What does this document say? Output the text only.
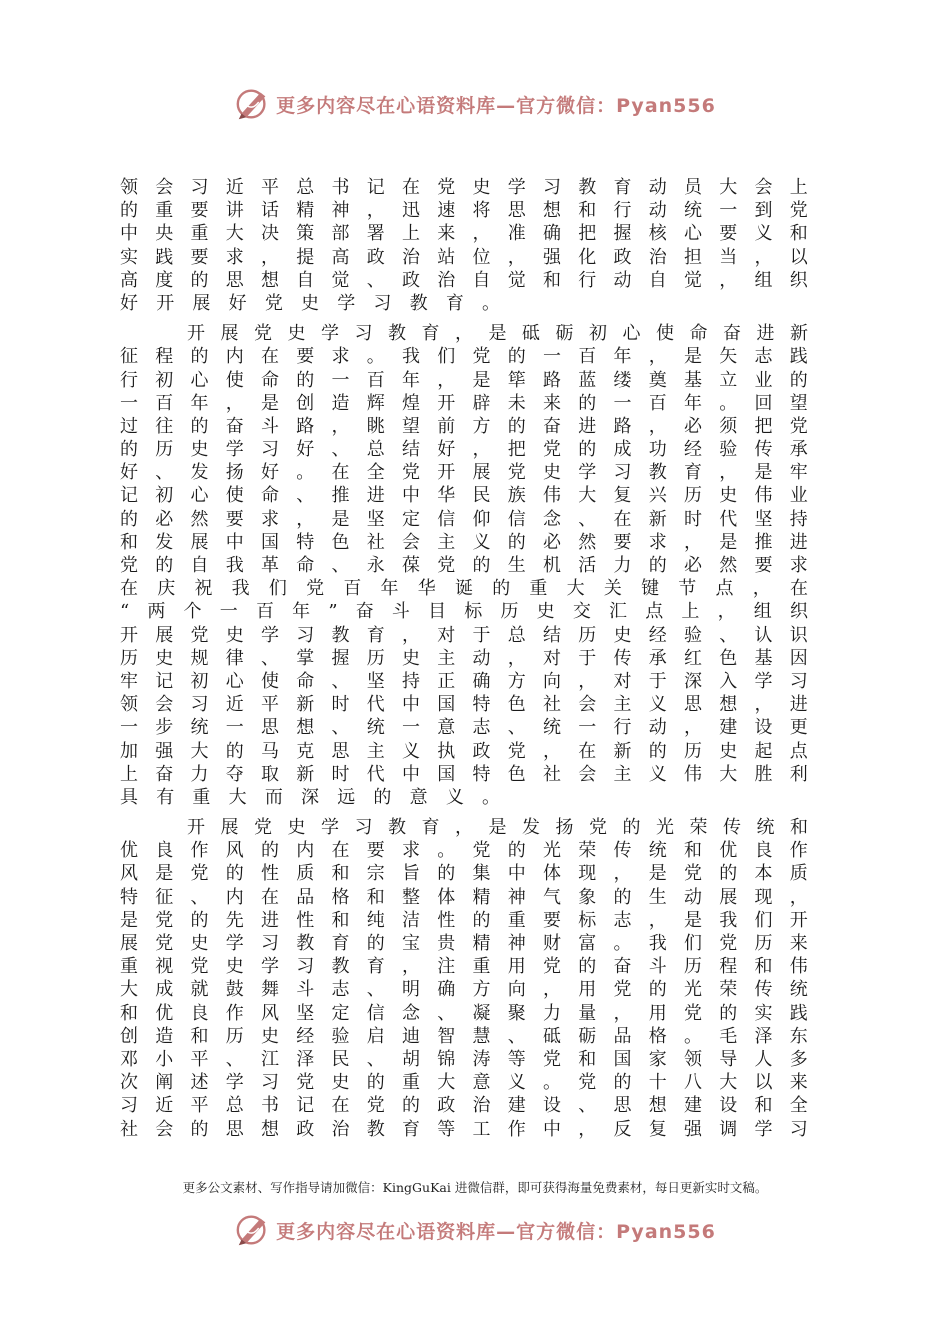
更多内容尽在心语资料库—官方微信：Pyan556
领 会 习 近 平 总 书 记 在 党 史 学 习 教 育 动 员 大 会 上
的 重 要 讲 话 精 神 ， 迅 速 将 思 想 和 行 动 统 一 到 党
中 央 重 大 决 策 部 署 上 来 ， 准 确 把 握 核 心 要 义 和
实 践 要 求 ， 提 高 政 治 站 位 ， 强 化 政 治 担 当 ， 以
高 度 的 思 想 自 觉 、 政 治 自 觉 和 行 动 自 觉 ， 组 织
好 开 展 好 党 史 学 习 教 育 。

开 展 党 史 学 习 教 育 ， 是 砥 砺 初 心 使 命 奋 进 新
征 程 的 内 在 要 求 。 我 们 党 的 一 百 年 ， 是 矢 志 践
行 初 心 使 命 的 一 百 年 ， 是 筚 路 蓝 缕 奠 基 立 业 的
一 百 年 ， 是 创 造 辉 煌 开 辟 未 来 的 一 百 年 。 回 望
过 往 的 奋 斗 路 ， 眺 望 前 方 的 奋 进 路 ， 必 须 把 党
的 历 史 学 习 好 、 总 结 好 ， 把 党 的 成 功 经 验 传 承
好 、 发 扬 好 。 在 全 党 开 展 党 史 学 习 教 育 ， 是 牢
记 初 心 使 命 、 推 进 中 华 民 族 伟 大 复 兴 历 史 伟 业
的 必 然 要 求 ， 是 坚 定 信 仰 信 念 、 在 新 时 代 坚 持
和 发 展 中 国 特 色 社 会 主 义 的 必 然 要 求 ， 是 推 进
党 的 自 我 革 命 、 永 葆 党 的 生 机 活 力 的 必 然 要 求
在 庆 祝 我 们 党 百 年 华 诞 的 重 大 关 键 节 点 ， 在
“ 两 个 一 百 年 ” 奋 斗 目 标 历 史 交 汇 点 上 ， 组 织
开 展 党 史 学 习 教 育 ， 对 于 总 结 历 史 经 验 、 认 识
历 史 规 律 、 掌 握 历 史 主 动 ， 对 于 传 承 红 色 基 因
牢 记 初 心 使 命 、 坚 持 正 确 方 向 ， 对 于 深 入 学 习
领 会 习 近 平 新 时 代 中 国 特 色 社 会 主 义 思 想 ， 进
一 步 统 一 思 想 、 统 一 意 志 、 统 一 行 动 ， 建 设 更
加 强 大 的 马 克 思 主 义 执 政 党 ， 在 新 的 历 史 起 点
上 奋 力 夺 取 新 时 代 中 国 特 色 社 会 主 义 伟 大 胜 利
具 有 重 大 而 深 远 的 意 义 。

开 展 党 史 学 习 教 育 ， 是 发 扬 党 的 光 荣 传 统 和
优 良 作 风 的 内 在 要 求 。 党 的 光 荣 传 统 和 优 良 作
风 是 党 的 性 质 和 宗 旨 的 集 中 体 现 ， 是 党 的 本 质
特 征 、 内 在 品 格 和 整 体 精 神 气 象 的 生 动 展 现 ，
是 党 的 先 进 性 和 纯 洁 性 的 重 要 标 志 ， 是 我 们 开
展 党 史 学 习 教 育 的 宝 贵 精 神 财 富 。 我 们 党 历 来
重 视 党 史 学 习 教 育 ， 注 重 用 党 的 奋 斗 历 程 和 伟
大 成 就 鼓 舞 斗 志 、 明 确 方 向 ， 用 党 的 光 荣 传 统
和 优 良 作 风 坚 定 信 念 、 凝 聚 力 量 ， 用 党 的 实 践
创 造 和 历 史 经 验 启 迪 智 慧 、 砥 砺 品 格 。 毛 泽 东
邓 小 平 、 江 泽 民 、 胡 锦 涛 等 党 和 国 家 领 导 人 多
次 阐 述 学 习 党 史 的 重 大 意 义 。 党 的 十 八 大 以 来
习 近 平 总 书 记 在 党 的 政 治 建 设 、 思 想 建 设 和 全
社 会 的 思 想 政 治 教 育 等 工 作 中 ， 反 复 强 调 学 习
更多公文素材、写作指导请加微信：KingGuKai 进微信群，即可获得海量免费素材，每日更新实时文稿。
更多内容尽在心语资料库—官方微信：Pyan556
